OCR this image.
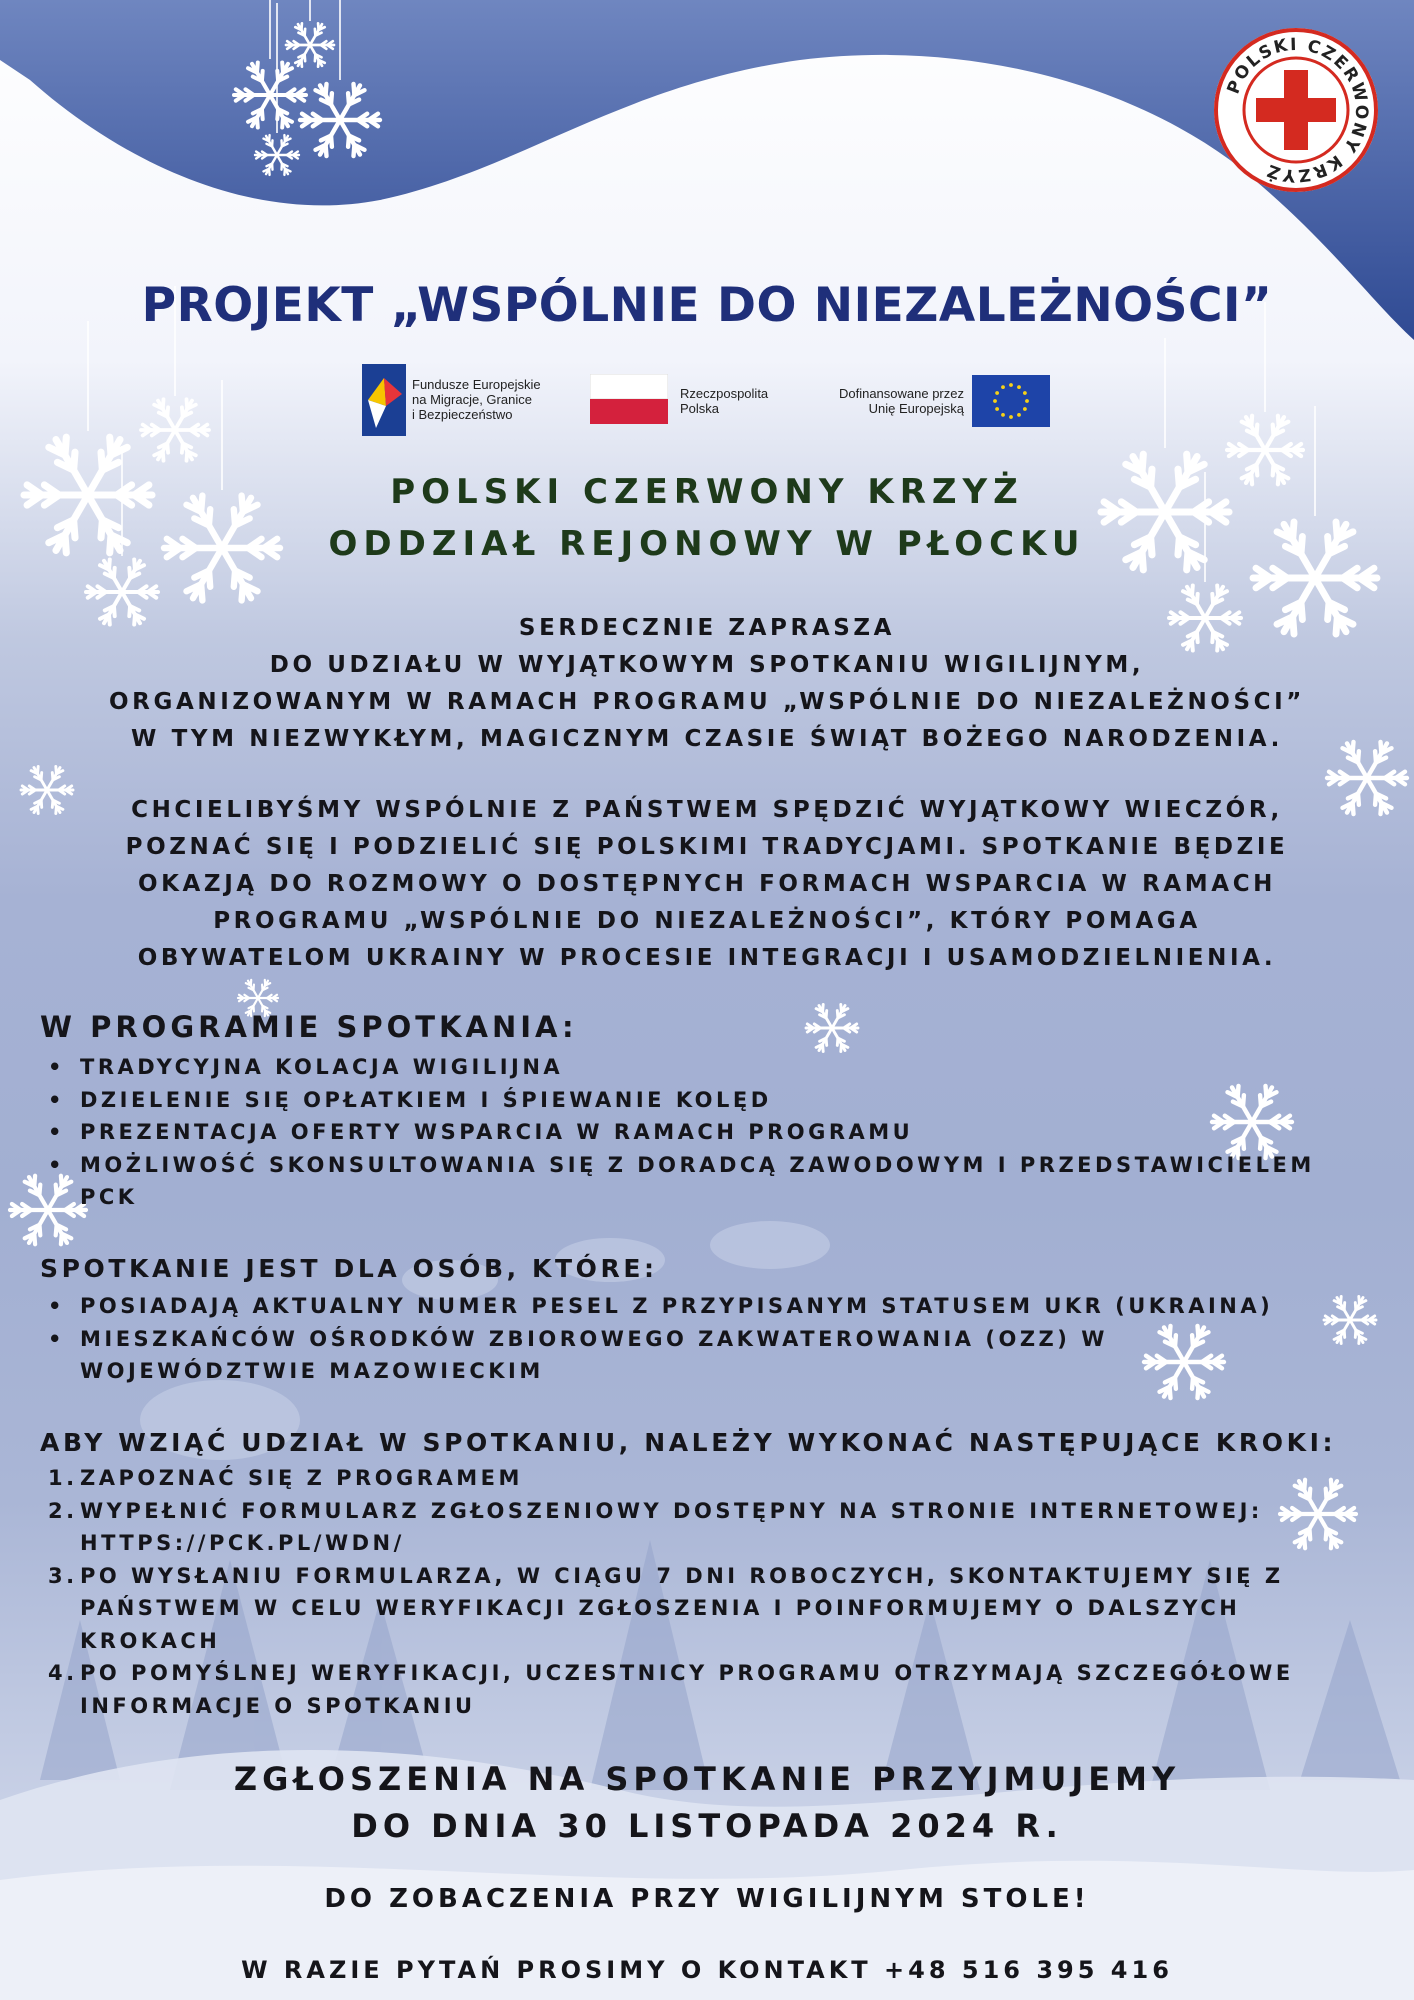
POLSKI CZERWONY KRZYŻ
PROJEKT „WSPÓLNIE DO NIEZALEŻNOŚCI”
Fundusze Europejskie
na Migracje, Granice
i Bezpieczeństwo
Rzeczpospolita
Polska
Dofinansowane przez
Unię Europejską
POLSKI CZERWONY KRZYŻ
ODDZIAŁ REJONOWY W PŁOCKU
SERDECZNIE ZAPRASZA
DO UDZIAŁU W WYJĄTKOWYM SPOTKANIU WIGILIJNYM,
ORGANIZOWANYM W RAMACH PROGRAMU „WSPÓLNIE DO NIEZALEŻNOŚCI”
W TYM NIEZWYKŁYM, MAGICZNYM CZASIE ŚWIĄT BOŻEGO NARODZENIA.
CHCIELIBYŚMY WSPÓLNIE Z PAŃSTWEM SPĘDZIĆ WYJĄTKOWY WIECZÓR,
POZNAĆ SIĘ I PODZIELIĆ SIĘ POLSKIMI TRADYCJAMI. SPOTKANIE BĘDZIE
OKAZJĄ DO ROZMOWY O DOSTĘPNYCH FORMACH WSPARCIA W RAMACH
PROGRAMU „WSPÓLNIE DO NIEZALEŻNOŚCI”, KTÓRY POMAGA
OBYWATELOM UKRAINY W PROCESIE INTEGRACJI I USAMODZIELNIENIA.
W PROGRAMIE SPOTKANIA:
• TRADYCYJNA KOLACJA WIGILIJNA
• DZIELENIE SIĘ OPŁATKIEM I ŚPIEWANIE KOLĘD
• PREZENTACJA OFERTY WSPARCIA W RAMACH PROGRAMU
• MOŻLIWOŚĆ SKONSULTOWANIA SIĘ Z DORADCĄ ZAWODOWYM I PRZEDSTAWICIELEM PCK
SPOTKANIE JEST DLA OSÓB, KTÓRE:
• POSIADAJĄ AKTUALNY NUMER PESEL Z PRZYPISANYM STATUSEM UKR (UKRAINA)
• MIESZKAŃCÓW OŚRODKÓW ZBIOROWEGO ZAKWATEROWANIA (OZZ) W WOJEWÓDZTWIE MAZOWIECKIM
ABY WZIĄĆ UDZIAŁ W SPOTKANIU, NALEŻY WYKONAĆ NASTĘPUJĄCE KROKI:
1. ZAPOZNAĆ SIĘ Z PROGRAMEM
2. WYPEŁNIĆ FORMULARZ ZGŁOSZENIOWY DOSTĘPNY NA STRONIE INTERNETOWEJ: HTTPS://PCK.PL/WDN/
3. PO WYSŁANIU FORMULARZA, W CIĄGU 7 DNI ROBOCZYCH, SKONTAKTUJEMY SIĘ Z PAŃSTWEM W CELU WERYFIKACJI ZGŁOSZENIA I POINFORMUJEMY O DALSZYCH KROKACH
4. PO POMYŚLNEJ WERYFIKACJI, UCZESTNICY PROGRAMU OTRZYMAJĄ SZCZEGÓŁOWE INFORMACJE O SPOTKANIU
ZGŁOSZENIA NA SPOTKANIE PRZYJMUJEMY
DO DNIA 30 LISTOPADA 2024 R.
DO ZOBACZENIA PRZY WIGILIJNYM STOLE!
W RAZIE PYTAŃ PROSIMY O KONTAKT +48 516 395 416
